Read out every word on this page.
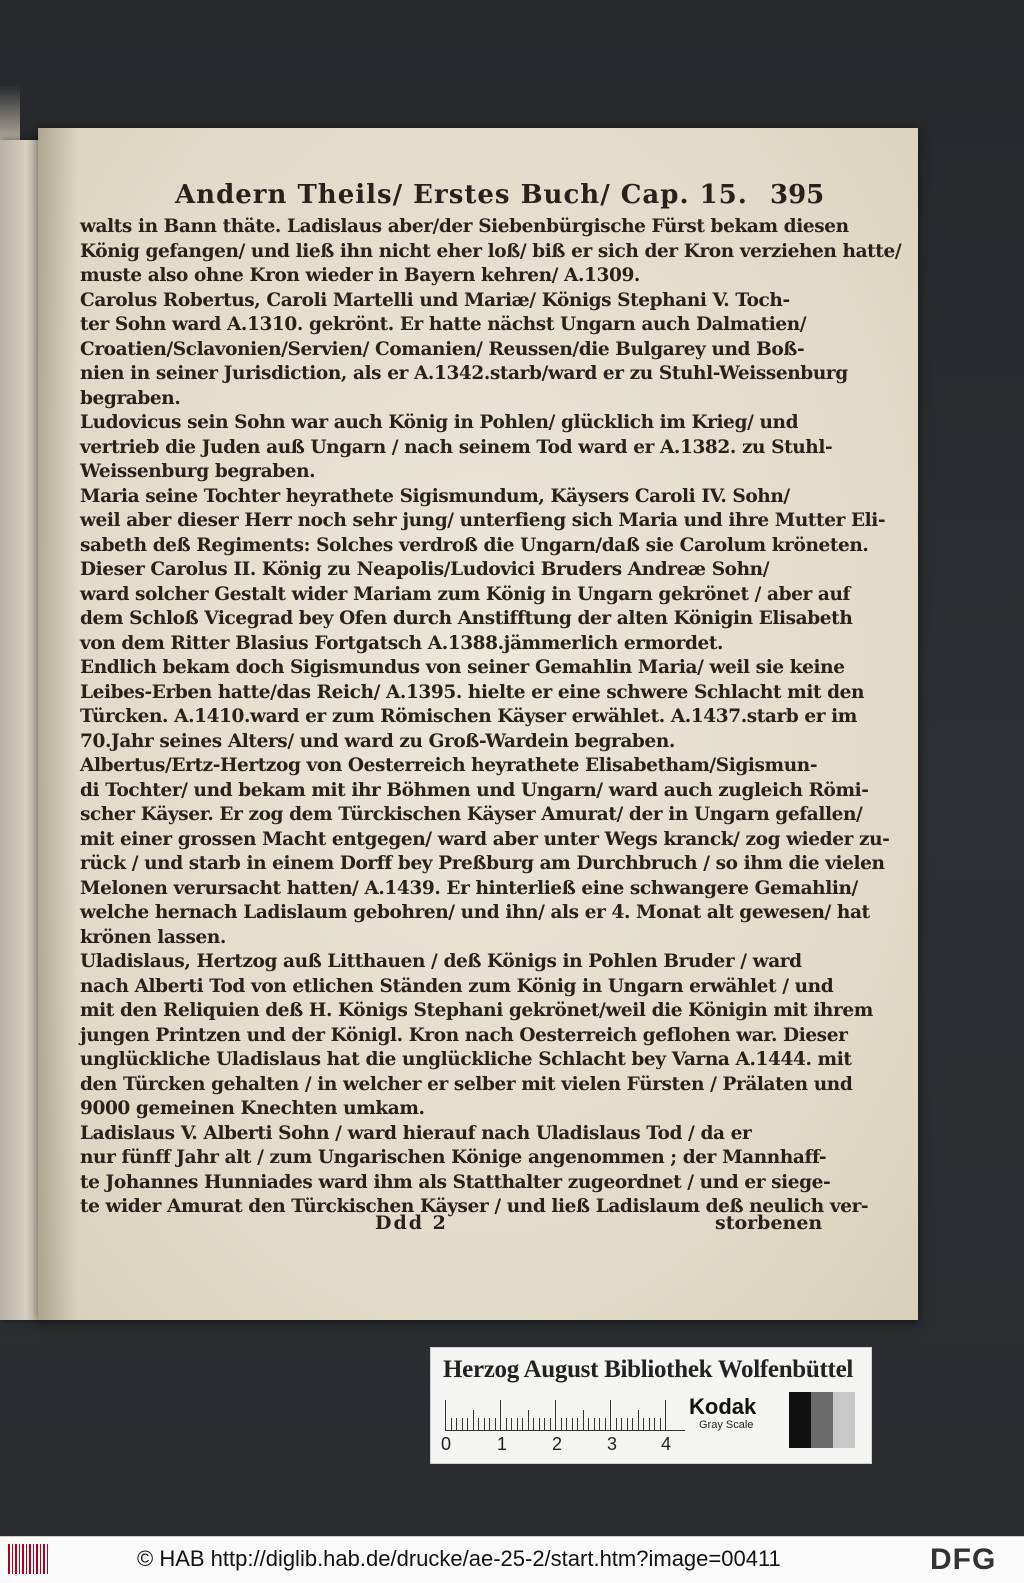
Andern Theils/ Erstes Buch/ Cap. 15. 395
walts in Bann thäte. Ladislaus aber/der Siebenbürgische Fürst bekam diesen
König gefangen/ und ließ ihn nicht eher loß/ biß er sich der Kron verziehen hatte/
muste also ohne Kron wieder in Bayern kehren/ A.1309.
Carolus Robertus, Caroli Martelli und Mariæ/ Königs Stephani V. Toch-
ter Sohn ward A.1310. gekrönt. Er hatte nächst Ungarn auch Dalmatien/
Croatien/Sclavonien/Servien/ Comanien/ Reussen/die Bulgarey und Boß-
nien in seiner Jurisdiction, als er A.1342.starb/ward er zu Stuhl-Weissenburg
begraben.
Ludovicus sein Sohn war auch König in Pohlen/ glücklich im Krieg/ und
vertrieb die Juden auß Ungarn / nach seinem Tod ward er A.1382. zu Stuhl-
Weissenburg begraben.
Maria seine Tochter heyrathete Sigismundum, Käysers Caroli IV. Sohn/
weil aber dieser Herr noch sehr jung/ unterfieng sich Maria und ihre Mutter Eli-
sabeth deß Regiments: Solches verdroß die Ungarn/daß sie Carolum kröneten.
Dieser Carolus II. König zu Neapolis/Ludovici Bruders Andreæ Sohn/
ward solcher Gestalt wider Mariam zum König in Ungarn gekrönet / aber auf
dem Schloß Vicegrad bey Ofen durch Anstifftung der alten Königin Elisabeth
von dem Ritter Blasius Fortgatsch A.1388.jämmerlich ermordet.
Endlich bekam doch Sigismundus von seiner Gemahlin Maria/ weil sie keine
Leibes-Erben hatte/das Reich/ A.1395. hielte er eine schwere Schlacht mit den
Türcken. A.1410.ward er zum Römischen Käyser erwählet. A.1437.starb er im
70.Jahr seines Alters/ und ward zu Groß-Wardein begraben.
Albertus/Ertz-Hertzog von Oesterreich heyrathete Elisabetham/Sigismun-
di Tochter/ und bekam mit ihr Böhmen und Ungarn/ ward auch zugleich Römi-
scher Käyser. Er zog dem Türckischen Käyser Amurat/ der in Ungarn gefallen/
mit einer grossen Macht entgegen/ ward aber unter Wegs kranck/ zog wieder zu-
rück / und starb in einem Dorff bey Preßburg am Durchbruch / so ihm die vielen
Melonen verursacht hatten/ A.1439. Er hinterließ eine schwangere Gemahlin/
welche hernach Ladislaum gebohren/ und ihn/ als er 4. Monat alt gewesen/ hat
krönen lassen.
Uladislaus, Hertzog auß Litthauen / deß Königs in Pohlen Bruder / ward
nach Alberti Tod von etlichen Ständen zum König in Ungarn erwählet / und
mit den Reliquien deß H. Königs Stephani gekrönet/weil die Königin mit ihrem
jungen Printzen und der Königl. Kron nach Oesterreich geflohen war. Dieser
unglückliche Uladislaus hat die unglückliche Schlacht bey Varna A.1444. mit
den Türcken gehalten / in welcher er selber mit vielen Fürsten / Prälaten und
9000 gemeinen Knechten umkam.
Ladislaus V. Alberti Sohn / ward hierauf nach Uladislaus Tod / da er
nur fünff Jahr alt / zum Ungarischen Könige angenommen ; der Mannhaff-
te Johannes Hunniades ward ihm als Statthalter zugeordnet / und er siege-
te wider Amurat den Türckischen Käyser / und ließ Ladislaum deß neulich ver-
Ddd 2	storbenen
Herzog August Bibliothek Wolfenbüttel
0	1 2 3 4
Kodak
Gray Scale
© HAB http://diglib.hab.de/drucke/ae-25-2/start.htm?image=00411	DFG
